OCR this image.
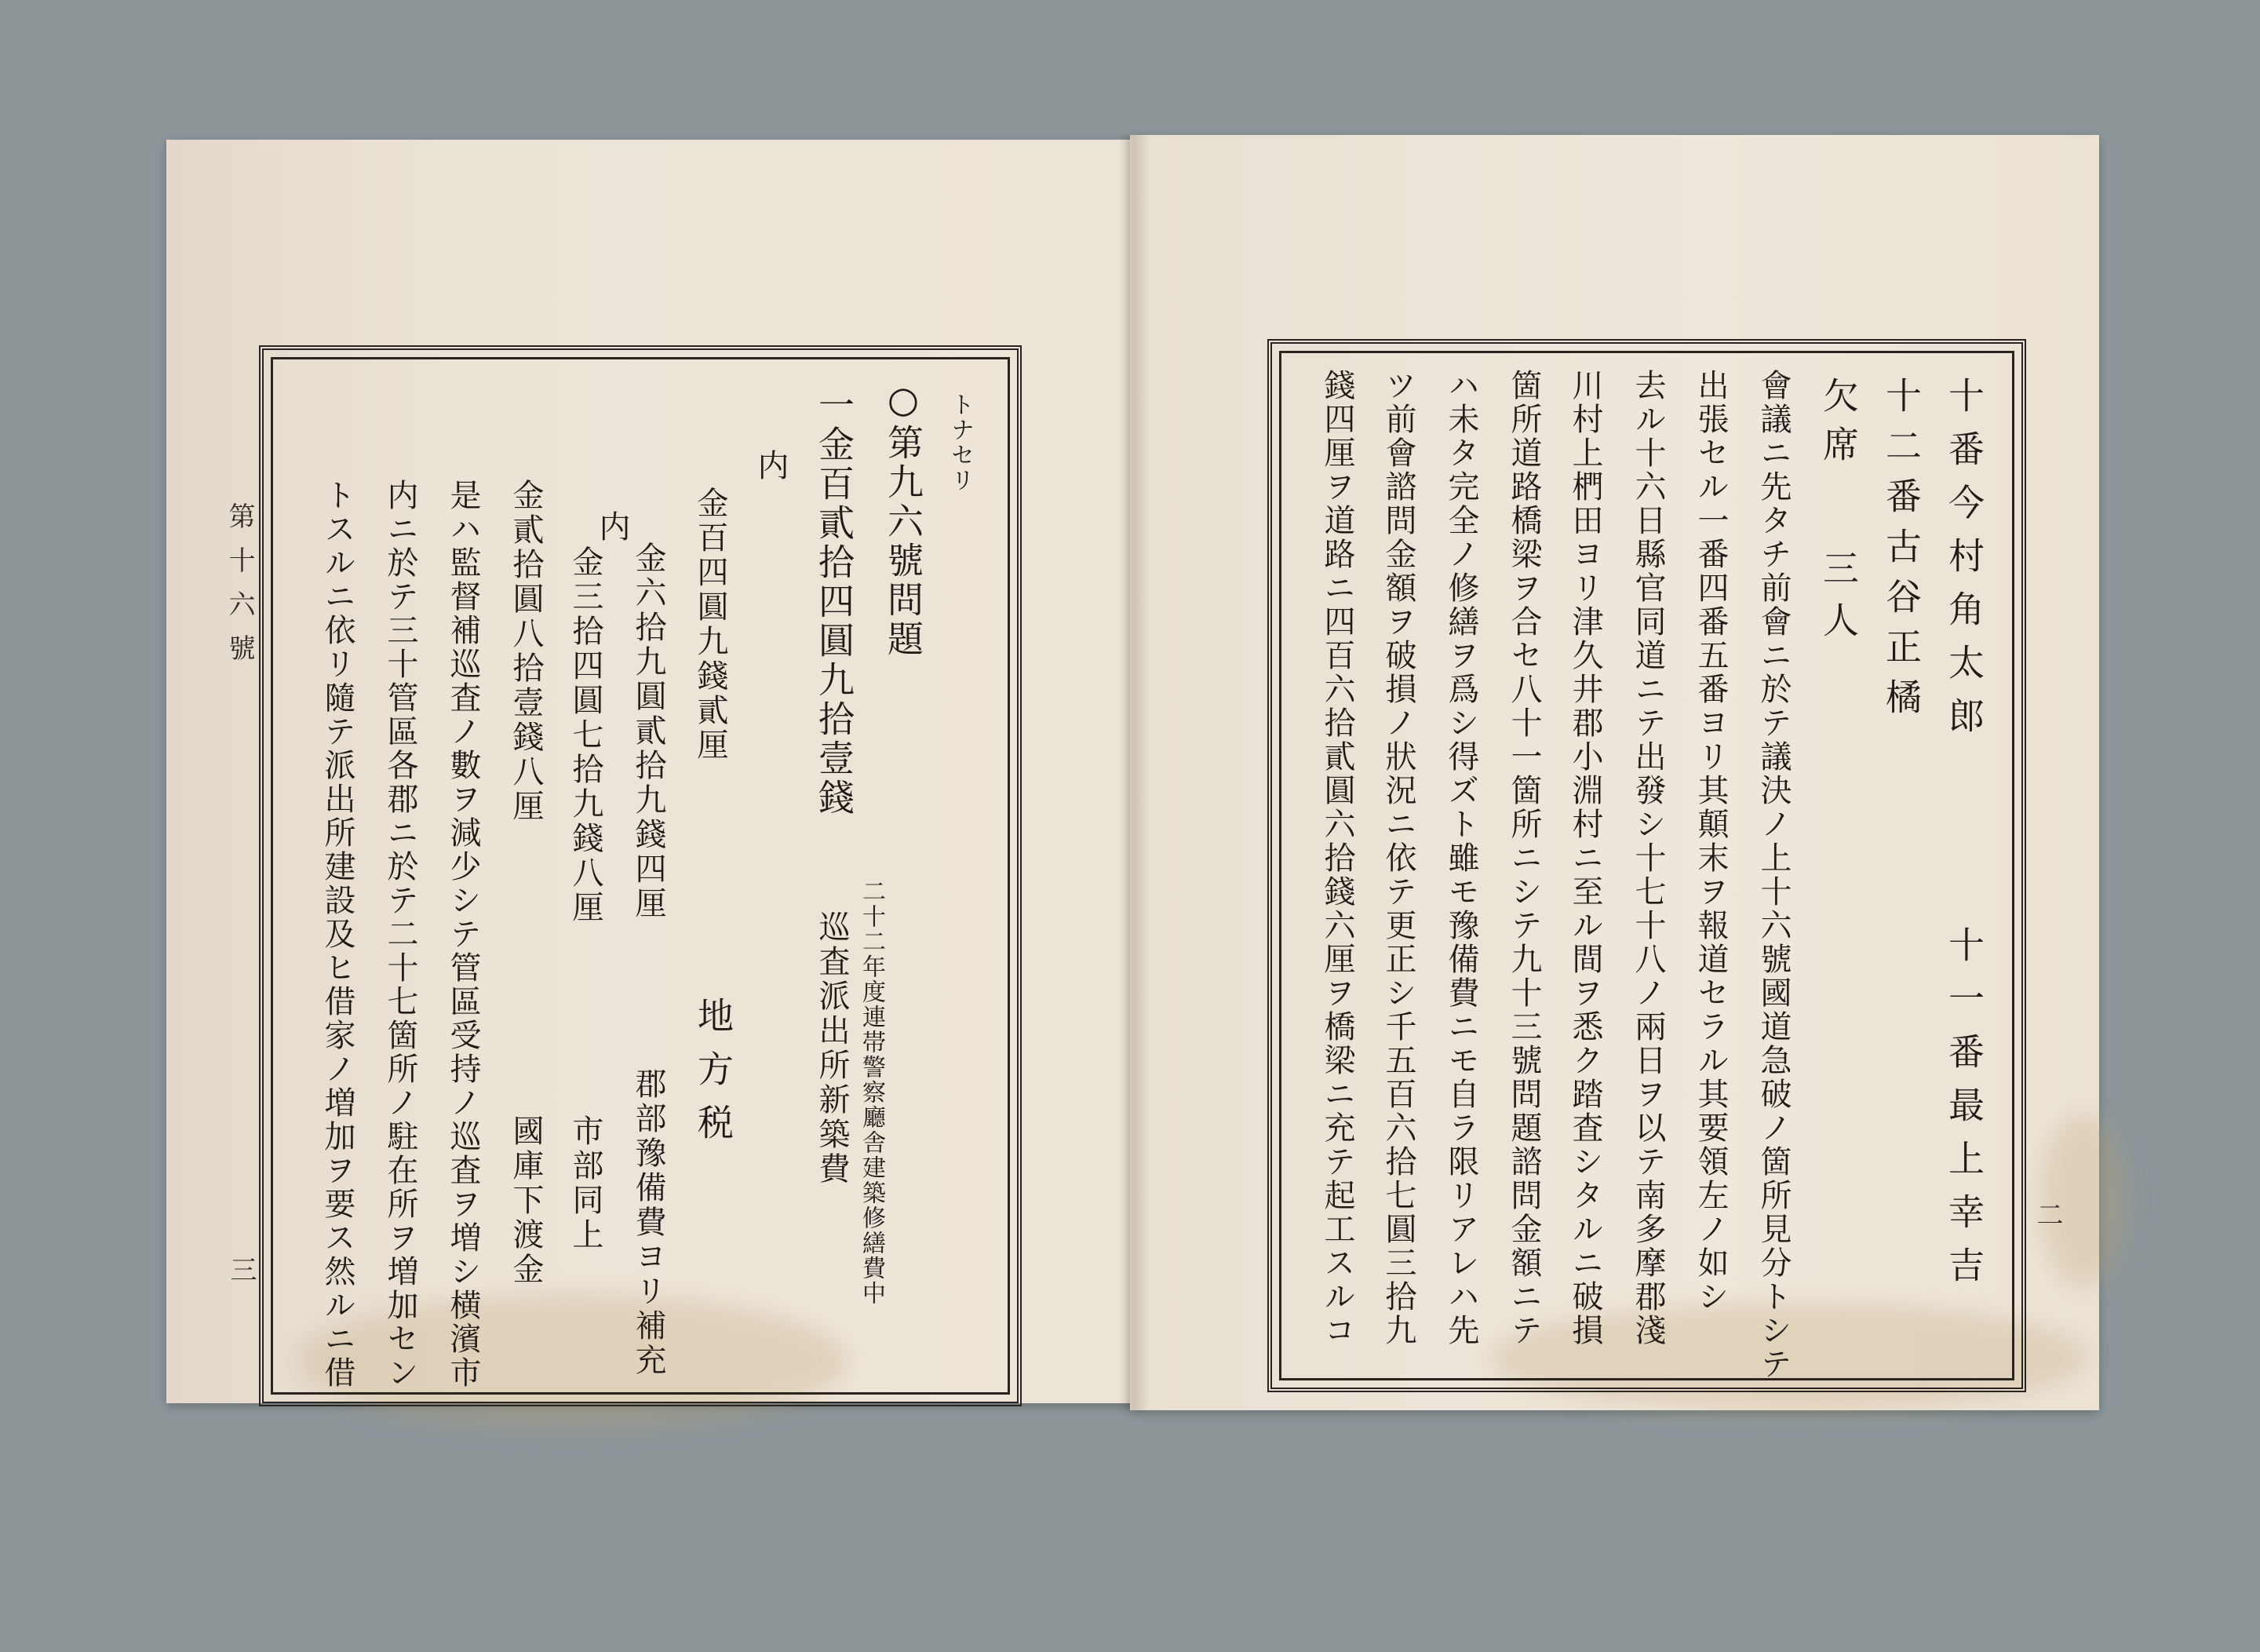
第十六號
三
トナセリ
○第九六號問題
一金百貳拾四圓九拾壹錢
二十二年度連帯警察廳舎建築修繕費中
巡査派出所新築費
内
金百四圓九錢貳厘
地方税
内
金六拾九圓貳拾九錢四厘
郡部豫備費ヨリ補充
金三拾四圓七拾九錢八厘
市部同上
金貳拾圓八拾壹錢八厘
國庫下渡金
是ハ監督補巡査ノ數ヲ減少シテ管區受持ノ巡査ヲ増シ横濱市
内ニ於テ三十管區各郡ニ於テ二十七箇所ノ駐在所ヲ増加セン
トスルニ依リ隨テ派出所建設及ヒ借家ノ増加ヲ要ス然ルニ借	二
十番今村角太郎
十一番最上幸吉
十二番古谷正橘
欠席
三人
會議ニ先タチ前會ニ於テ議決ノ上十六號國道急破ノ箇所見分トシテ
出張セル一番四番五番ヨリ其顛末ヲ報道セラル其要領左ノ如シ
去ル十六日縣官同道ニテ出發シ十七十八ノ兩日ヲ以テ南多摩郡淺
川村上椚田ヨリ津久井郡小淵村ニ至ル間ヲ悉ク踏査シタルニ破損
箇所道路橋梁ヲ合セ八十一箇所ニシテ九十三號問題諮問金額ニテ
ハ未タ完全ノ修繕ヲ爲シ得ズト雖モ豫備費ニモ自ラ限リアレハ先
ツ前會諮問金額ヲ破損ノ狀況ニ依テ更正シ千五百六拾七圓三拾九
錢四厘ヲ道路ニ四百六拾貳圓六拾錢六厘ヲ橋梁ニ充テ起工スルコ
